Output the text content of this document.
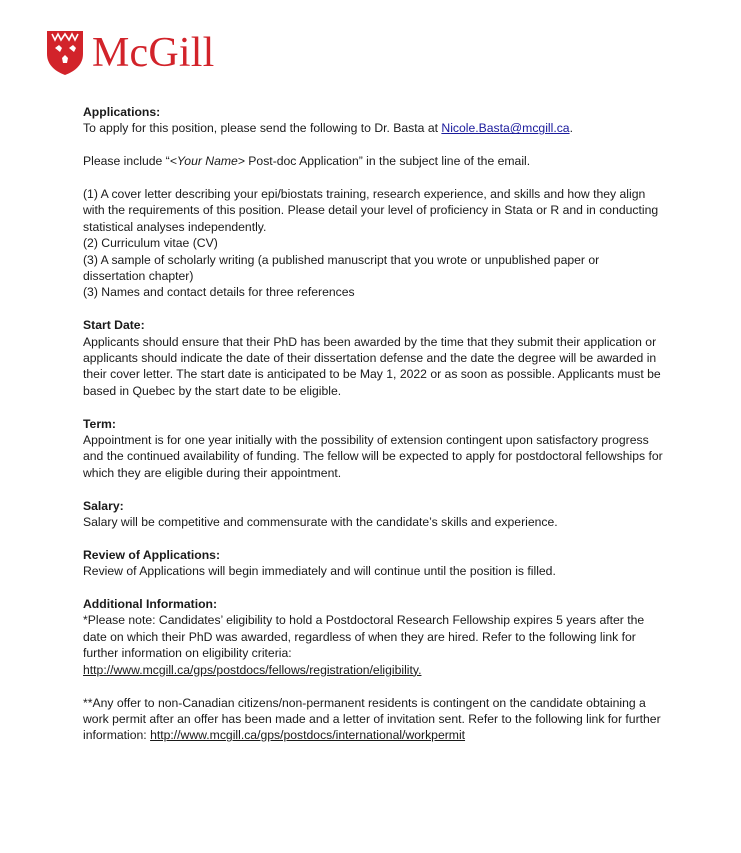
McGill

Applications:

To apply for this position, please send the following to Dr. Basta at Nicole.Basta@mcgill.ca.

Please include “<Your Name> Post-doc Application” in the subject line of the email.

(1) A cover letter describing your epi/biostats training, research experience, and skills and how they align with the requirements of this position. Please detail your level of proficiency in Stata or R and in conducting statistical analyses independently.

(2) Curriculum vitae (CV)

(3) A sample of scholarly writing (a published manuscript that you wrote or unpublished paper or dissertation chapter)

(3) Names and contact details for three references

Start Date:

Applicants should ensure that their PhD has been awarded by the time that they submit their application or applicants should indicate the date of their dissertation defense and the date the degree will be awarded in their cover letter. The start date is anticipated to be May 1, 2022 or as soon as possible. Applicants must be based in Quebec by the start date to be eligible.

Term:

Appointment is for one year initially with the possibility of extension contingent upon satisfactory progress and the continued availability of funding. The fellow will be expected to apply for postdoctoral fellowships for which they are eligible during their appointment.

Salary:

Salary will be competitive and commensurate with the candidate’s skills and experience.

Review of Applications:

Review of Applications will begin immediately and will continue until the position is filled.

Additional Information:

*Please note: Candidates’ eligibility to hold a Postdoctoral Research Fellowship expires 5 years after the date on which their PhD was awarded, regardless of when they are hired. Refer to the following link for further information on eligibility criteria:

http://www.mcgill.ca/gps/postdocs/fellows/registration/eligibility.

**Any offer to non-Canadian citizens/non-permanent residents is contingent on the candidate obtaining a work permit after an offer has been made and a letter of invitation sent. Refer to the following link for further information: http://www.mcgill.ca/gps/postdocs/international/workpermit
